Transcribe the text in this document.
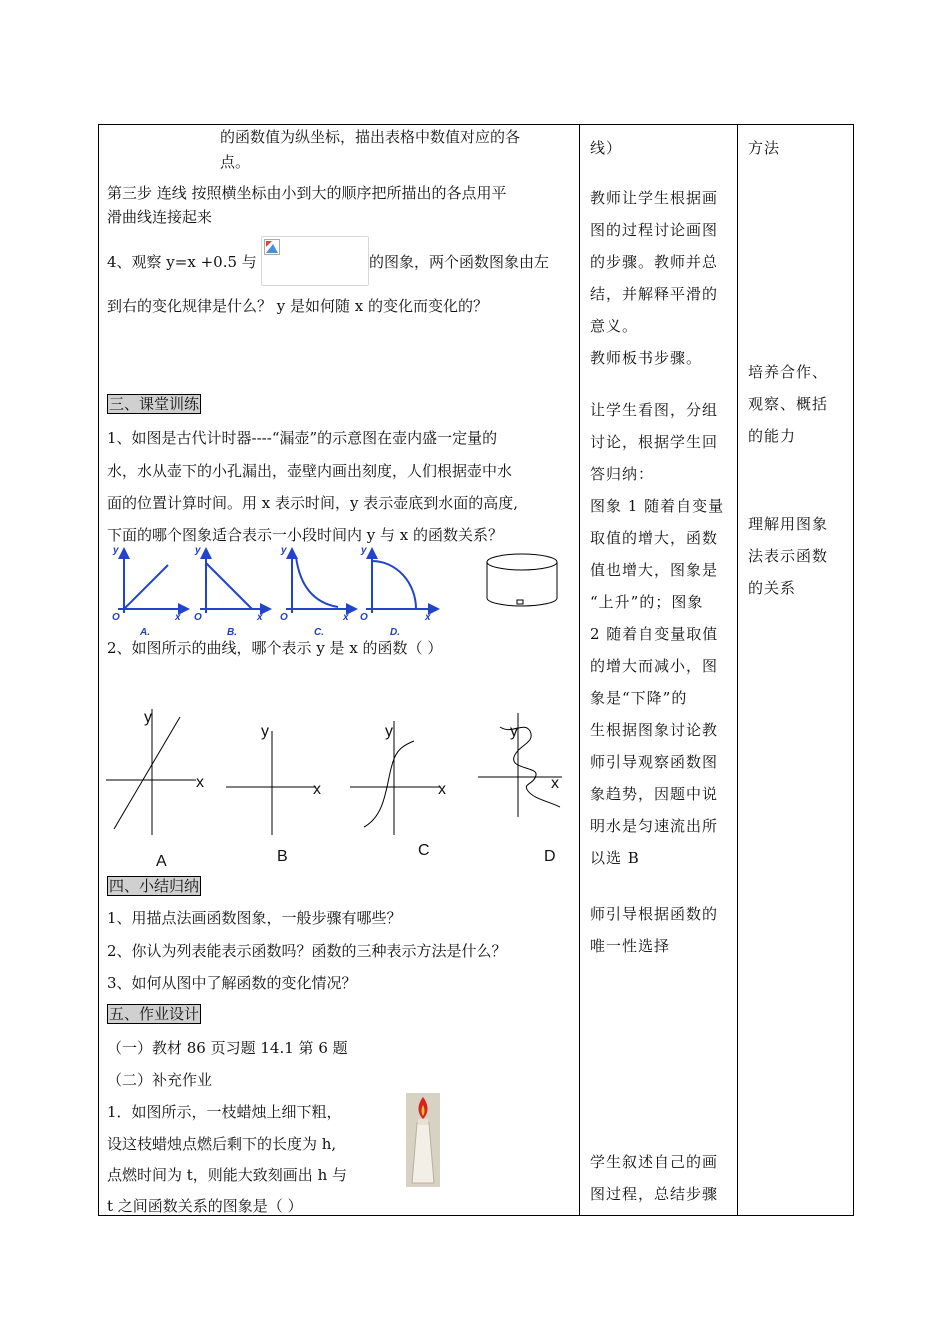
的函数值为纵坐标，描出表格中数值对应的各
点。
第三步 连线 按照横坐标由小到大的顺序把所描出的各点用平
滑曲线连接起来
4、观察 y=x +0.5 与	的图象，两个函数图象由左
到右的变化规律是什么？ y 是如何随 x 的变化而变化的？
三、课堂训练
1、如图是古代计时器----“漏壶”的示意图在壶内盛一定量的
水，水从壶下的小孔漏出，壶壁内画出刻度，人们根据壶中水
面的位置计算时间。用 x 表示时间，y 表示壶底到水面的高度,
下面的哪个图象适合表示一小段时间内 y 与 x 的函数关系？
y	y	y	y
O	O	O	O
x	x	x	x
A.	B.	C.	D.
2、如图所示的曲线，哪个表示 y 是 x 的函数（ ）
y
x
y
x
y
x
y
x
A	B	C	D
四、小结归纳
1、用描点法画函数图象，一般步骤有哪些？
2、你认为列表能表示函数吗？函数的三种表示方法是什么？
3、如何从图中了解函数的变化情况？
五、作业设计
（一）教材 86 页习题 14.1 第 6 题
（二）补充作业
1．如图所示，一枝蜡烛上细下粗，
设这枝蜡烛点燃后剩下的长度为 h,
点燃时间为 t，则能大致刻画出 h 与
t 之间函数关系的图象是（ ）
线）
教师让学生根据画
图的过程讨论画图
的步骤。教师并总
结，并解释平滑的
意义。
教师板书步骤。
让学生看图，分组
讨论，根据学生回
答归纳：
图象 1 随着自变量
取值的增大，函数
值也增大，图象是
“上升”的；图象
2 随着自变量取值
的增大而减小，图
象是“下降”的
生根据图象讨论教
师引导观察函数图
象趋势，因题中说
明水是匀速流出所
以选 B
师引导根据函数的
唯一性选择
学生叙述自己的画
图过程，总结步骤
方法
培养合作、
观察、概括
的能力
理解用图象
法表示函数
的关系
